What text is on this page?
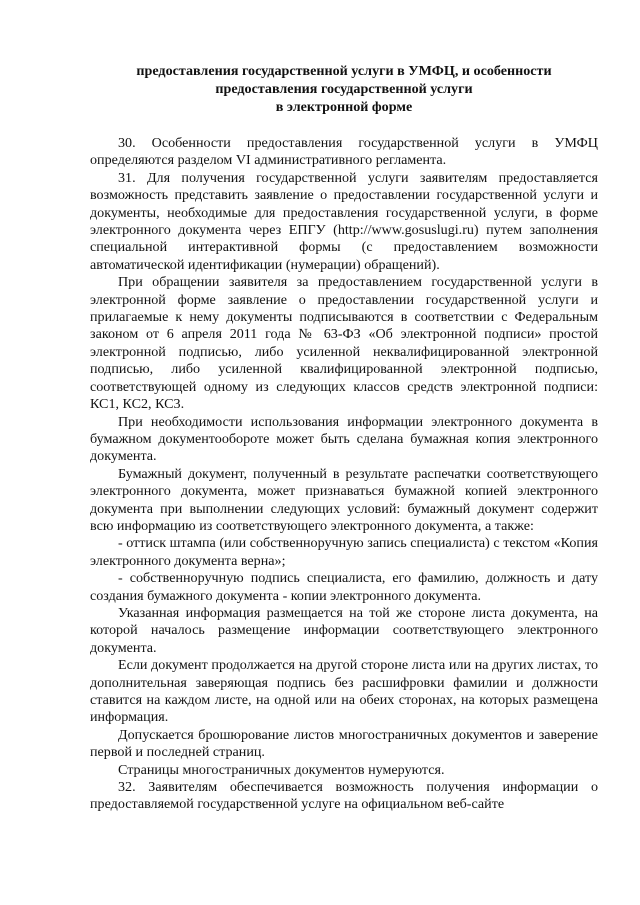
предоставления государственной услуги в УМФЦ, и особенности
предоставления государственной услуги
в электронной форме

30. Особенности предоставления государственной услуги в УМФЦ определяются разделом VI административного регламента.

31. Для получения государственной услуги заявителям предоставляется возможность представить заявление о предоставлении государственной услуги и документы, необходимые для предоставления государственной услуги, в форме электронного документа через ЕПГУ (http://www.gosuslugi.ru) путем заполнения специальной интерактивной формы (с предоставлением возможности автоматической идентификации (нумерации) обращений).

При обращении заявителя за предоставлением государственной услуги в электронной форме заявление о предоставлении государственной услуги и прилагаемые к нему документы подписываются в соответствии с Федеральным законом от 6 апреля 2011 года № 63-ФЗ «Об электронной подписи» простой электронной подписью, либо усиленной неквалифицированной электронной подписью, либо усиленной квалифицированной электронной подписью, соответствующей одному из следующих классов средств электронной подписи: КС1, КС2, КС3.

При необходимости использования информации электронного документа в бумажном документообороте может быть сделана бумажная копия электронного документа.

Бумажный документ, полученный в результате распечатки соответствующего электронного документа, может признаваться бумажной копией электронного документа при выполнении следующих условий: бумажный документ содержит всю информацию из соответствующего электронного документа, а также:

- оттиск штампа (или собственноручную запись специалиста) с текстом «Копия электронного документа верна»;

- собственноручную подпись специалиста, его фамилию, должность и дату создания бумажного документа - копии электронного документа.

Указанная информация размещается на той же стороне листа документа, на которой началось размещение информации соответствующего электронного документа.

Если документ продолжается на другой стороне листа или на других листах, то дополнительная заверяющая подпись без расшифровки фамилии и должности ставится на каждом листе, на одной или на обеих сторонах, на которых размещена информация.

Допускается брошюрование листов многостраничных документов и заверение первой и последней страниц.

Страницы многостраничных документов нумеруются.

32. Заявителям обеспечивается возможность получения информации о предоставляемой государственной услуге на официальном веб-сайте
